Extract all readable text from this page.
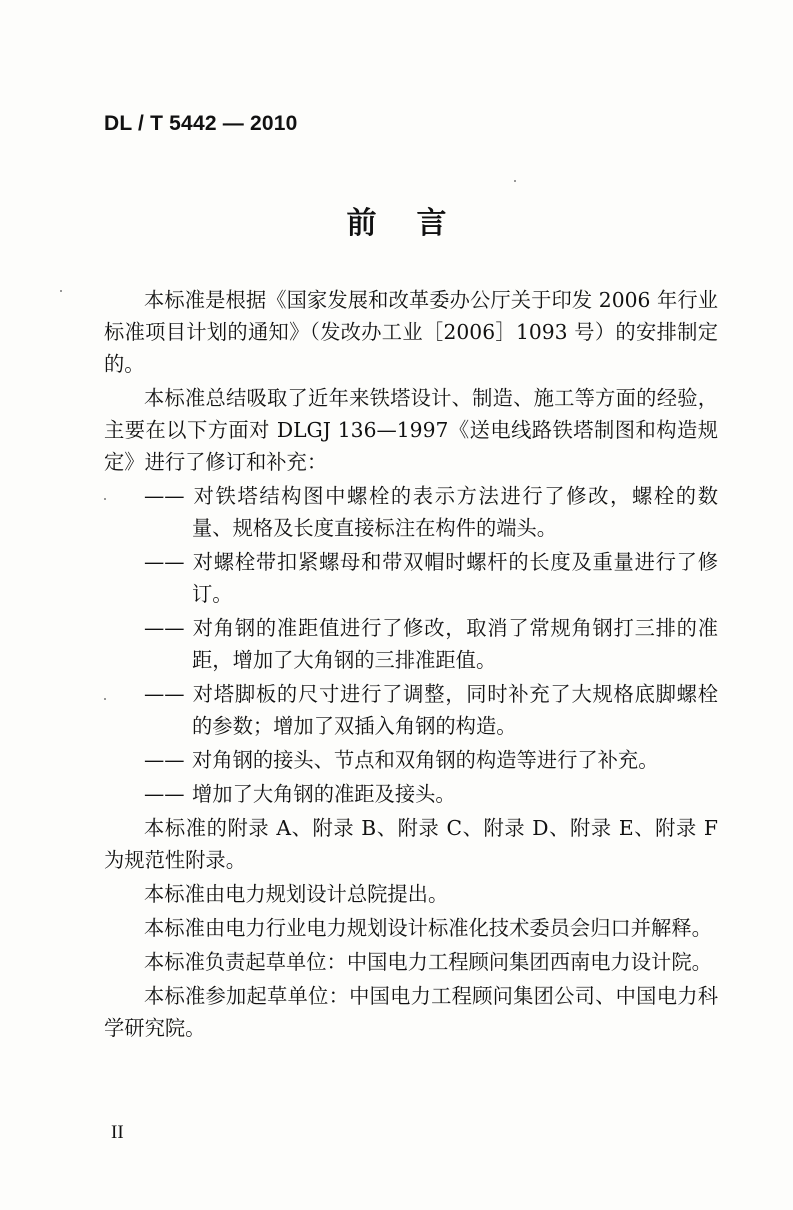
DL / T 5442 — 2010
前言

本标准是根据《国家发展和改革委办公厅关于印发 2006 年行业标准项目计划的通知》（发改办工业［2006］1093 号）的安排制定的。

本标准总结吸取了近年来铁塔设计、制造、施工等方面的经验，主要在以下方面对 DLGJ 136—1997《送电线路铁塔制图和构造规定》进行了修订和补充：

—— 对铁塔结构图中螺栓的表示方法进行了修改，螺栓的数量、规格及长度直接标注在构件的端头。

—— 对螺栓带扣紧螺母和带双帽时螺杆的长度及重量进行了修订。

—— 对角钢的准距值进行了修改，取消了常规角钢打三排的准距，增加了大角钢的三排准距值。

—— 对塔脚板的尺寸进行了调整，同时补充了大规格底脚螺栓的参数；增加了双插入角钢的构造。

—— 对角钢的接头、节点和双角钢的构造等进行了补充。

—— 增加了大角钢的准距及接头。

本标准的附录 A、附录 B、附录 C、附录 D、附录 E、附录 F 为规范性附录。

本标准由电力规划设计总院提出。

本标准由电力行业电力规划设计标准化技术委员会归口并解释。

本标准负责起草单位：中国电力工程顾问集团西南电力设计院。

本标准参加起草单位：中国电力工程顾问集团公司、中国电力科学研究院。

II
